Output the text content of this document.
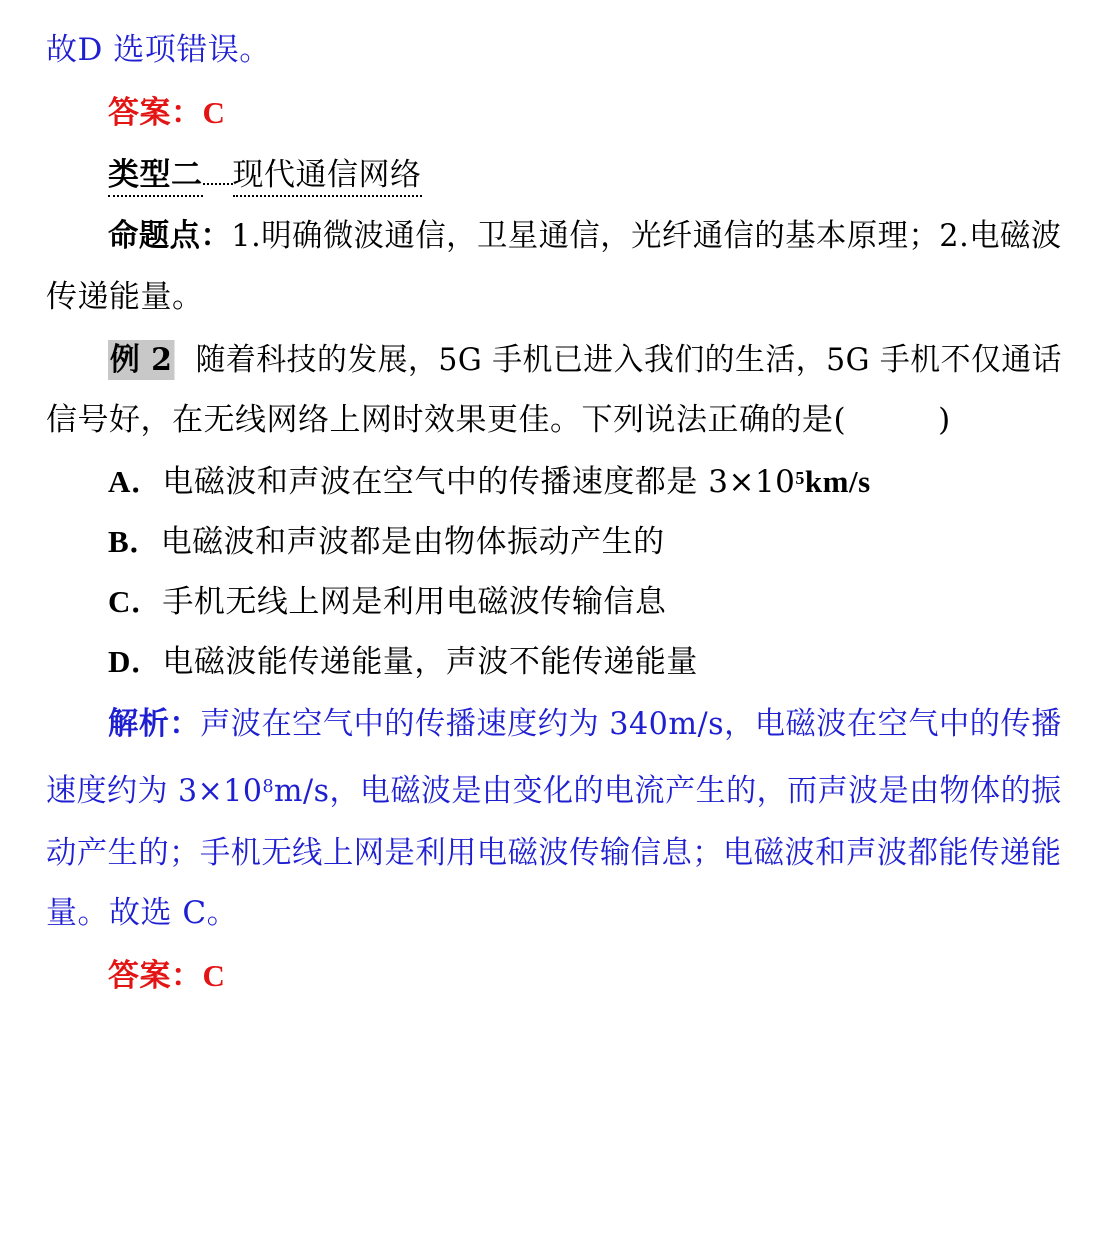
故D 选项错误。
答案：C
类型二 现代通信网络
命题点：1.明确微波通信，卫星通信，光纤通信的基本原理；2.电磁波
传递能量。
例 2 随着科技的发展，5G 手机已进入我们的生活，5G 手机不仅通话
信号好，在无线网络上网时效果更佳。下列说法正确的是(	)
A．电磁波和声波在空气中的传播速度都是 $3\times 10^5km/s$
B．电磁波和声波都是由物体振动产生的
C．手机无线上网是利用电磁波传输信息
D．电磁波能传递能量，声波不能传递能量
解析：声波在空气中的传播速度约为 340m/s，电磁波在空气中的传播
速度约为 $3\times 10^8m/s$，电磁波是由变化的电流产生的，而声波是由物体的振
动产生的；手机无线上网是利用电磁波传输信息；电磁波和声波都能传递能
量。故选 C。
答案：C
